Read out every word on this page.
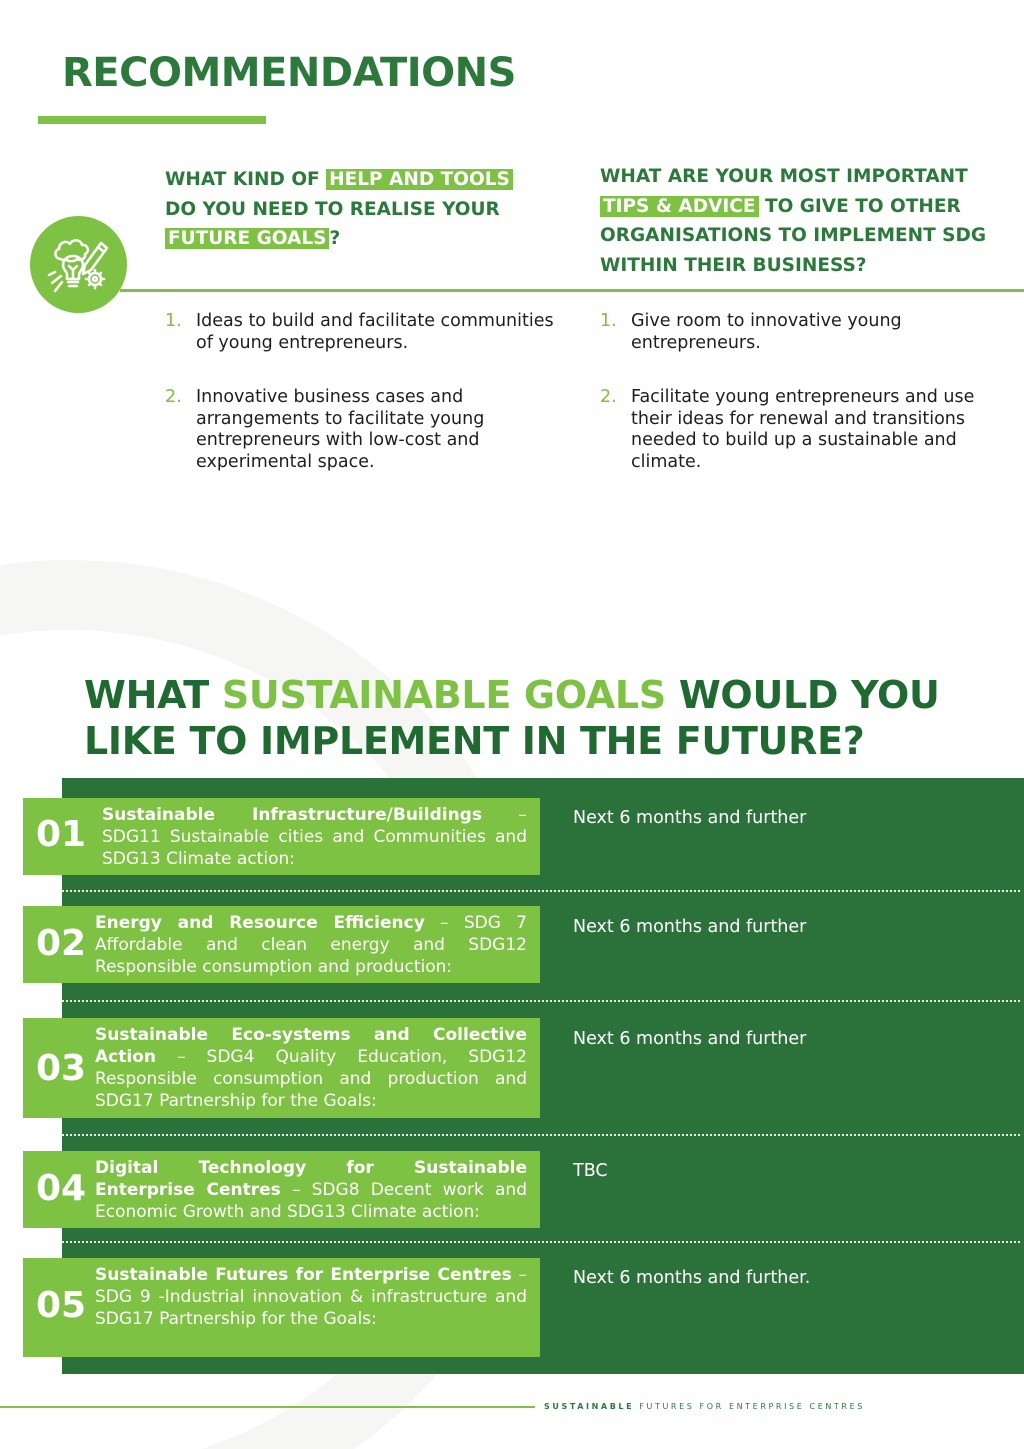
RECOMMENDATIONS
WHAT KIND OF HELP AND TOOLS
DO YOU NEED TO REALISE YOUR
FUTURE GOALS ?
WHAT ARE YOUR MOST IMPORTANT
TIPS & ADVICE TO GIVE TO OTHER ORGANISATIONS TO IMPLEMENT SDG WITHIN THEIR BUSINESS?
1. Ideas to build and facilitate communities of young entrepreneurs.
2. Innovative business cases and arrangements to facilitate young entrepreneurs with low-cost and experimental space.
1. Give room to innovative young entrepreneurs.
2. Facilitate young entrepreneurs and use their ideas for renewal and transitions needed to build up a sustainable and climate.
WHAT SUSTAINABLE GOALS WOULD YOU LIKE TO IMPLEMENT IN THE FUTURE?
01 Sustainable Infrastructure/Buildings – SDG11 Sustainable cities and Communities and SDG13 Climate action:
Next 6 months and further
02 Energy and Resource Efficiency – SDG 7 Affordable and clean energy and SDG12 Responsible consumption and production:
Next 6 months and further
03
Sustainable Eco-systems and Collective Action – SDG4 Quality Education, SDG12 Responsible consumption and production and SDG17 Partnership for the Goals:
Next 6 months and further
04 Digital Technology for Sustainable Enterprise Centres – SDG8 Decent work and Economic Growth and SDG13 Climate action:
TBC
05
Sustainable Futures for Enterprise Centres – SDG 9 -Industrial innovation & infrastructure and SDG17 Partnership for the Goals:
Next 6 months and further.
SUSTAINABLE FUTURES FOR ENTERPRISE CENTRES
